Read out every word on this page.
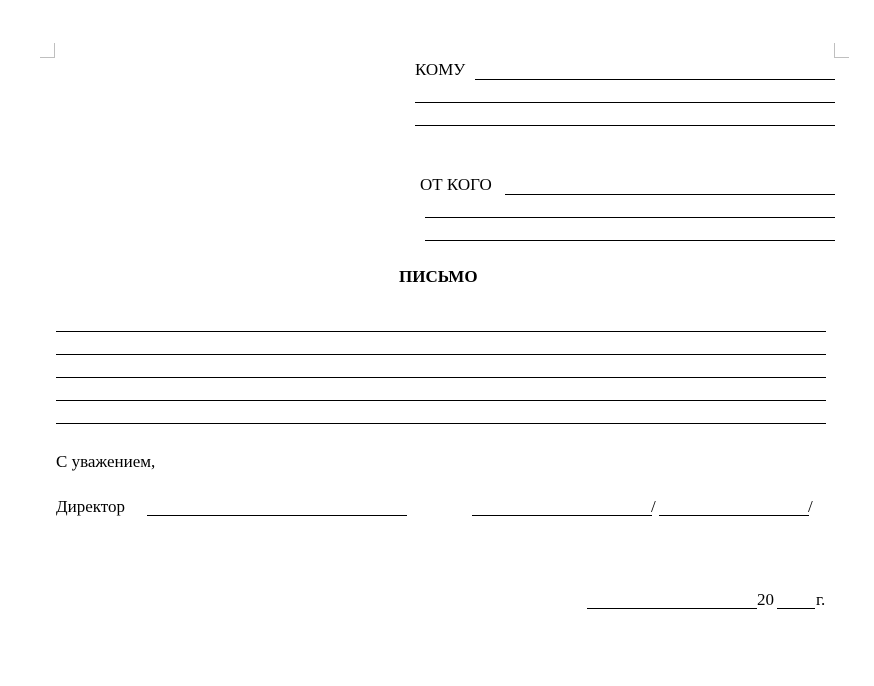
КОМУ
ОТ КОГО
ПИСЬМО
С уважением,
Директор	/	/
20 г.
